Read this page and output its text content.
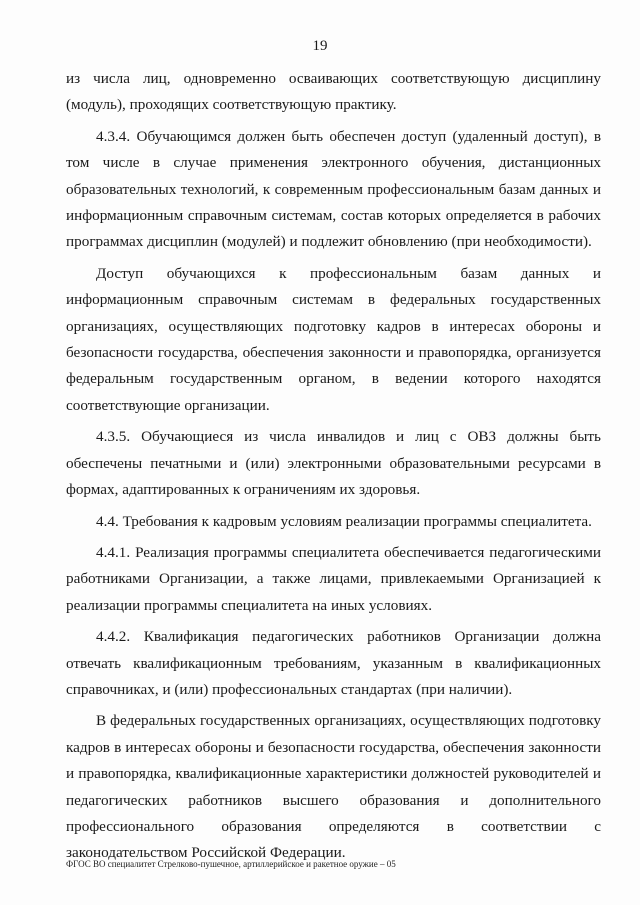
19

из числа лиц, одновременно осваивающих соответствующую дисциплину (модуль), проходящих соответствующую практику.

4.3.4. Обучающимся должен быть обеспечен доступ (удаленный доступ), в том числе в случае применения электронного обучения, дистанционных образовательных технологий, к современным профессиональным базам данных и информационным справочным системам, состав которых определяется в рабочих программах дисциплин (модулей) и подлежит обновлению (при необходимости).

Доступ обучающихся к профессиональным базам данных и информационным справочным системам в федеральных государственных организациях, осуществляющих подготовку кадров в интересах обороны и безопасности государства, обеспечения законности и правопорядка, организуется федеральным государственным органом, в ведении которого находятся соответствующие организации.

4.3.5. Обучающиеся из числа инвалидов и лиц с ОВЗ должны быть обеспечены печатными и (или) электронными образовательными ресурсами в формах, адаптированных к ограничениям их здоровья.

4.4. Требования к кадровым условиям реализации программы специалитета.

4.4.1. Реализация программы специалитета обеспечивается педагогическими работниками Организации, а также лицами, привлекаемыми Организацией к реализации программы специалитета на иных условиях.

4.4.2. Квалификация педагогических работников Организации должна отвечать квалификационным требованиям, указанным в квалификационных справочниках, и (или) профессиональных стандартах (при наличии).

В федеральных государственных организациях, осуществляющих подготовку кадров в интересах обороны и безопасности государства, обеспечения законности и правопорядка, квалификационные характеристики должностей руководителей и педагогических работников высшего образования и дополнительного профессионального образования определяются в соответствии с законодательством Российской Федерации.

ФГОС ВО специалитет Стрелково-пушечное, артиллерийское и ракетное оружие – 05
